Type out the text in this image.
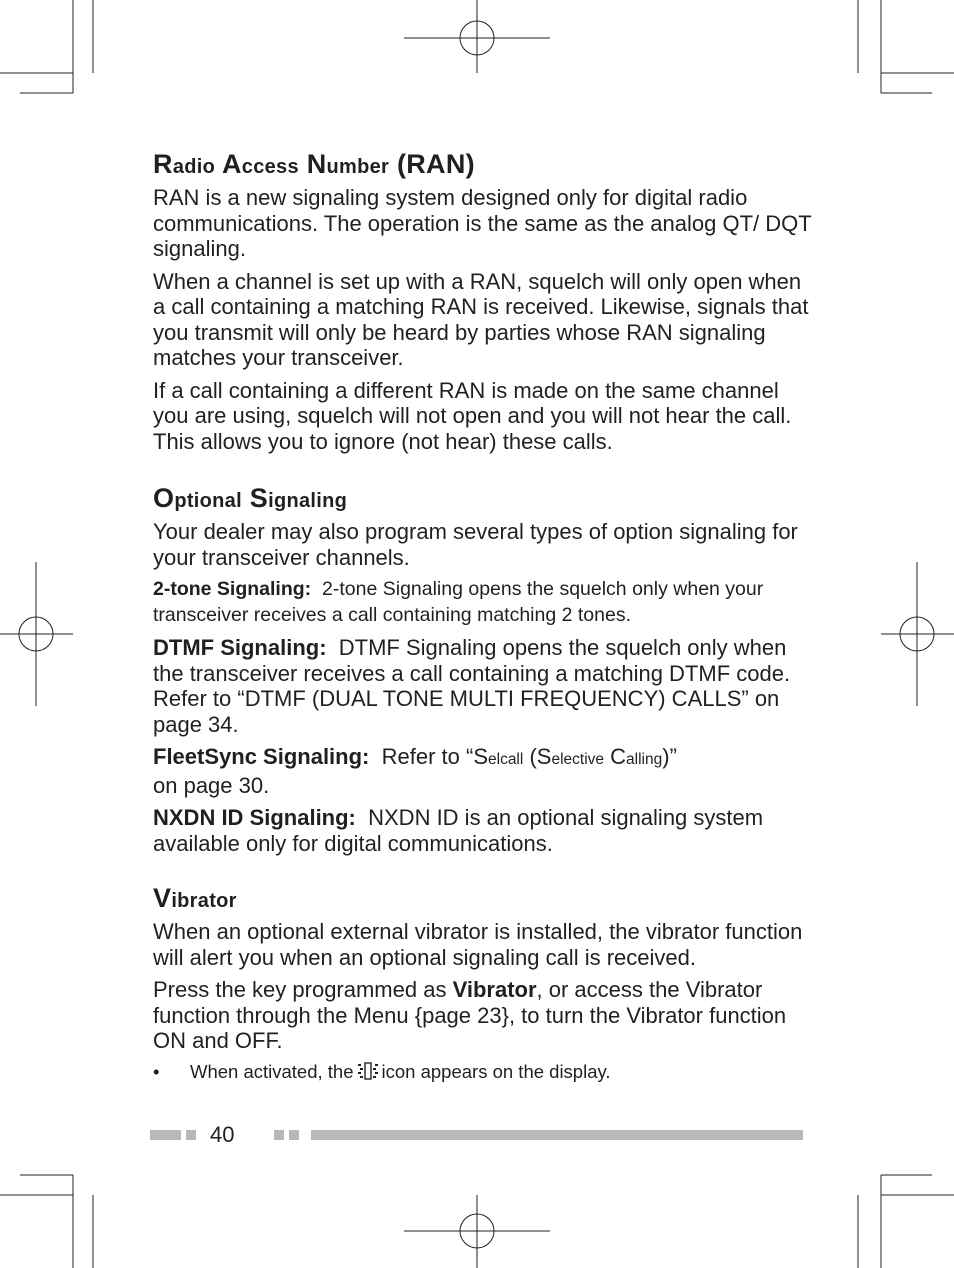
Radio Access Number (RAN)

RAN is a new signaling system designed only for digital radio communications. The operation is the same as the analog QT/ DQT signaling.

When a channel is set up with a RAN, squelch will only open when a call containing a matching RAN is received. Likewise, signals that you transmit will only be heard by parties whose RAN signaling matches your transceiver.

If a call containing a different RAN is made on the same channel you are using, squelch will not open and you will not hear the call. This allows you to ignore (not hear) these calls.

Optional Signaling

Your dealer may also program several types of option signaling for your transceiver channels.

2-tone Signaling: 2-tone Signaling opens the squelch only when your transceiver receives a call containing matching 2 tones.

DTMF Signaling: DTMF Signaling opens the squelch only when the transceiver receives a call containing a matching DTMF code. Refer to “DTMF (DUAL TONE MULTI FREQUENCY) CALLS” on page 34.

FleetSync Signaling: Refer to “Selcall (Selective Calling)”
on page 30.

NXDN ID Signaling: NXDN ID is an optional signaling system available only for digital communications.

Vibrator

When an optional external vibrator is installed, the vibrator function will alert you when an optional signaling call is received.

Press the key programmed as Vibrator, or access the Vibrator function through the Menu {page 23}, to turn the Vibrator function ON and OFF.

• When activated, the icon appears on the display.

40
